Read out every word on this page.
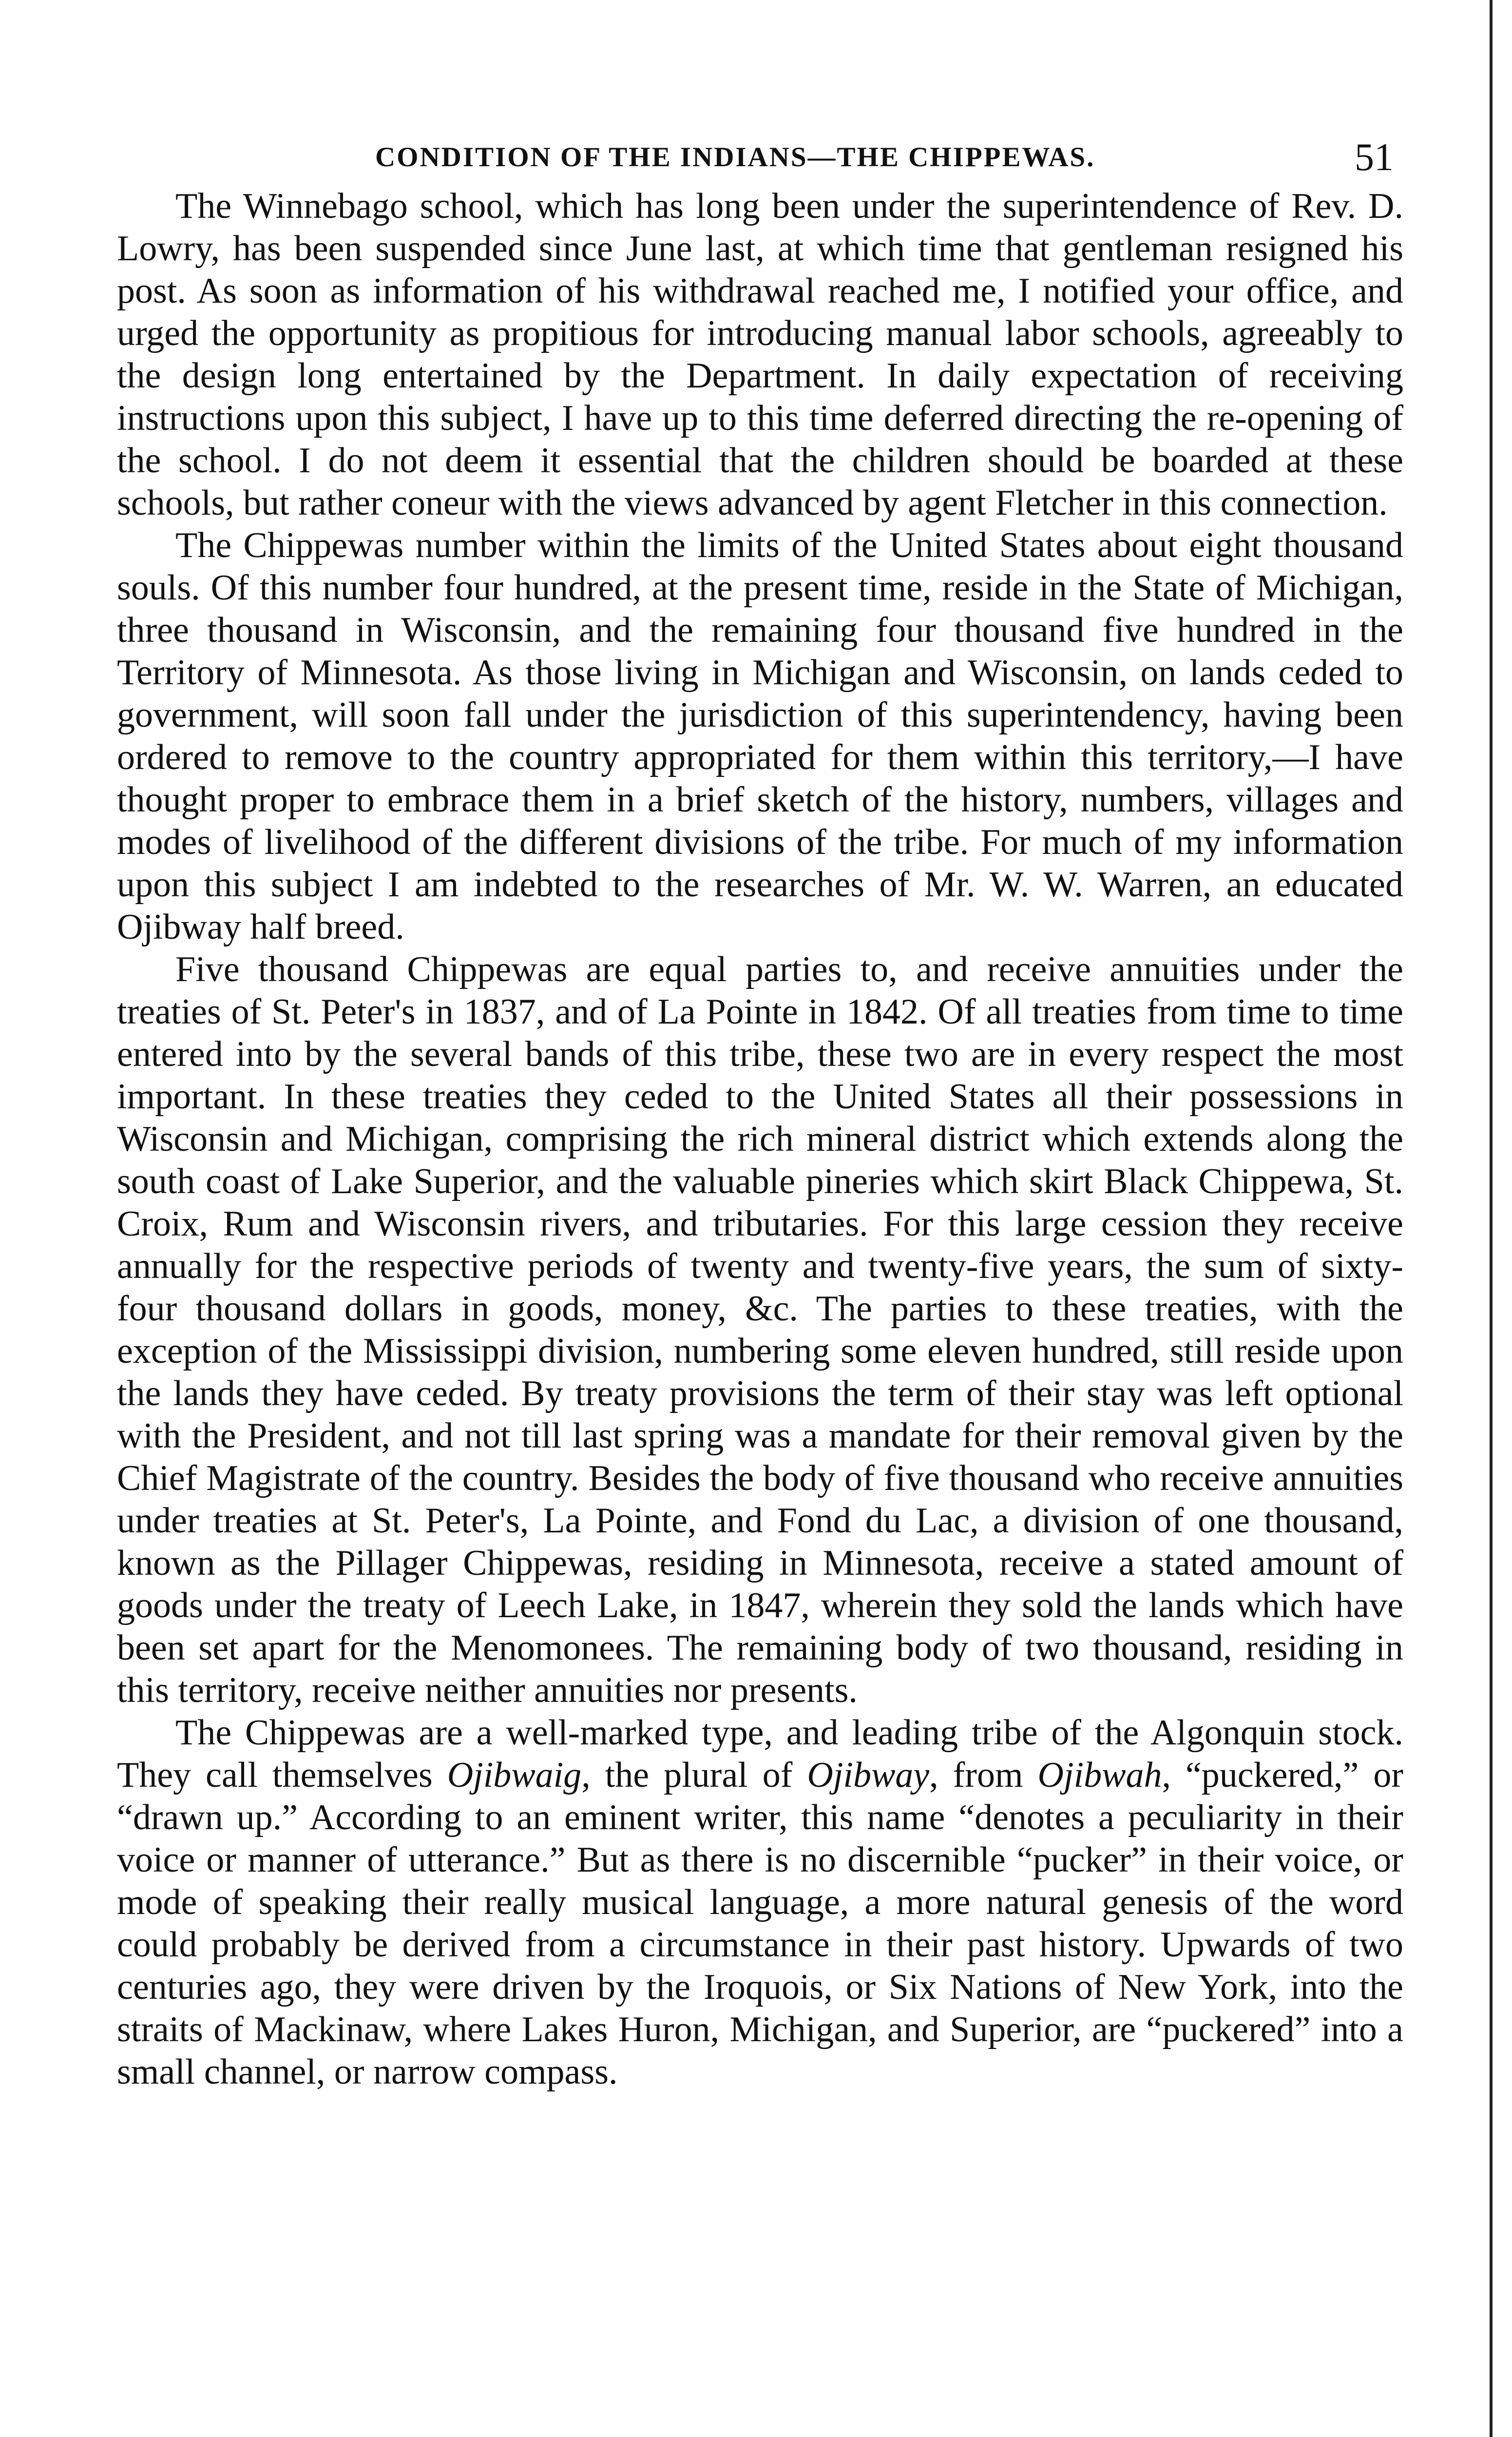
CONDITION OF THE INDIANS—THE CHIPPEWAS.	51

The Winnebago school, which has long been under the superintendence of Rev. D. Lowry, has been suspended since June last, at which time that gentleman resigned his post. As soon as information of his withdrawal reached me, I notified your office, and urged the opportunity as propitious for introducing manual labor schools, agreeably to the design long entertained by the Department. In daily expectation of receiving instructions upon this subject, I have up to this time deferred directing the re-opening of the school. I do not deem it essential that the children should be boarded at these schools, but rather coneur with the views advanced by agent Fletcher in this connection.

The Chippewas number within the limits of the United States about eight thousand souls. Of this number four hundred, at the present time, reside in the State of Michigan, three thousand in Wisconsin, and the remaining four thousand five hundred in the Territory of Minnesota. As those living in Michigan and Wisconsin, on lands ceded to government, will soon fall under the jurisdiction of this superintendency, having been ordered to remove to the country appropriated for them within this territory,—I have thought proper to embrace them in a brief sketch of the history, numbers, villages and modes of livelihood of the different divisions of the tribe. For much of my information upon this subject I am indebted to the researches of Mr. W. W. Warren, an educated Ojibway half breed.

Five thousand Chippewas are equal parties to, and receive annuities under the treaties of St. Peter's in 1837, and of La Pointe in 1842. Of all treaties from time to time entered into by the several bands of this tribe, these two are in every respect the most important. In these treaties they ceded to the United States all their possessions in Wisconsin and Michigan, comprising the rich mineral district which extends along the south coast of Lake Superior, and the valuable pineries which skirt Black Chippewa, St. Croix, Rum and Wisconsin rivers, and tributaries. For this large cession they receive annually for the respective periods of twenty and twenty-five years, the sum of sixty-four thousand dollars in goods, money, &c. The parties to these treaties, with the exception of the Mississippi division, numbering some eleven hundred, still reside upon the lands they have ceded. By treaty provisions the term of their stay was left optional with the President, and not till last spring was a mandate for their removal given by the Chief Magistrate of the country. Besides the body of five thousand who receive annuities under treaties at St. Peter's, La Pointe, and Fond du Lac, a division of one thousand, known as the Pillager Chippewas, residing in Minnesota, receive a stated amount of goods under the treaty of Leech Lake, in 1847, wherein they sold the lands which have been set apart for the Menomonees. The remaining body of two thousand, residing in this territory, receive neither annuities nor presents.

The Chippewas are a well-marked type, and leading tribe of the Algonquin stock. They call themselves Ojibwaig, the plural of Ojibway, from Ojibwah, “puckered,” or “drawn up.” According to an eminent writer, this name “denotes a peculiarity in their voice or manner of utterance.” But as there is no discernible “pucker” in their voice, or mode of speaking their really musical language, a more natural genesis of the word could probably be derived from a circumstance in their past history. Upwards of two centuries ago, they were driven by the Iroquois, or Six Nations of New York, into the straits of Mackinaw, where Lakes Huron, Michigan, and Superior, are “puckered” into a small channel, or narrow compass.
